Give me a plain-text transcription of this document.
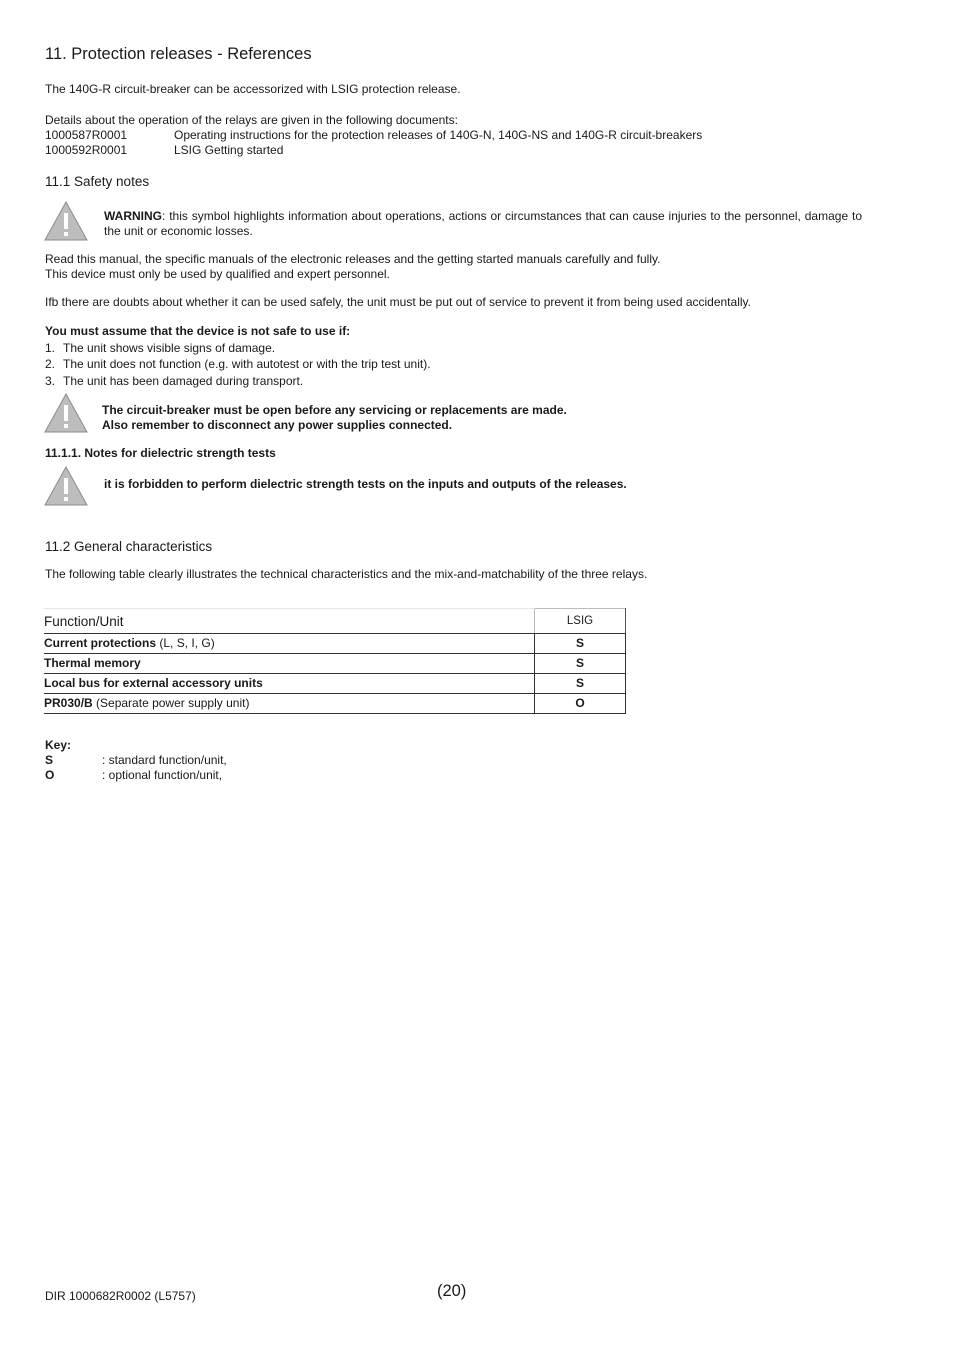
11. Protection releases - References

The 140G-R circuit-breaker can be accessorized with LSIG protection release.

Details about the operation of the relays are given in the following documents:

1000587R0001	Operating instructions for the protection releases of 140G-N, 140G-NS and 140G-R circuit-breakers
1000592R0001	LSIG Getting started
11.1 Safety notes

WARNING: this symbol highlights information about operations, actions or circumstances that can cause injuries to the personnel, damage to the unit or economic losses.

Read this manual, the specific manuals of the electronic releases and the getting started manuals carefully and fully.

This device must only be used by qualified and expert personnel.

Ifb there are doubts about whether it can be used safely, the unit must be put out of service to prevent it from being used accidentally.

You must assume that the device is not safe to use if:

1. The unit shows visible signs of damage.
2. The unit does not function (e.g. with autotest or with the trip test unit).
3. The unit has been damaged during transport.

The circuit-breaker must be open before any servicing or replacements are made.

Also remember to disconnect any power supplies connected.

11.1.1. Notes for dielectric strength tests

it is forbidden to perform dielectric strength tests on the inputs and outputs of the releases.

11.2 General characteristics

The following table clearly illustrates the technical characteristics and the mix-and-matchability of the three relays.

Function/Unit	LSIG
Current protections (L, S, I, G)	S
Thermal memory	S
Local bus for external accessory units	S
PR030/B (Separate power supply unit)	O

Key:

S	: standard function/unit,
O	: optional function/unit,
DIR 1000682R0002 (L5757)	(20)
